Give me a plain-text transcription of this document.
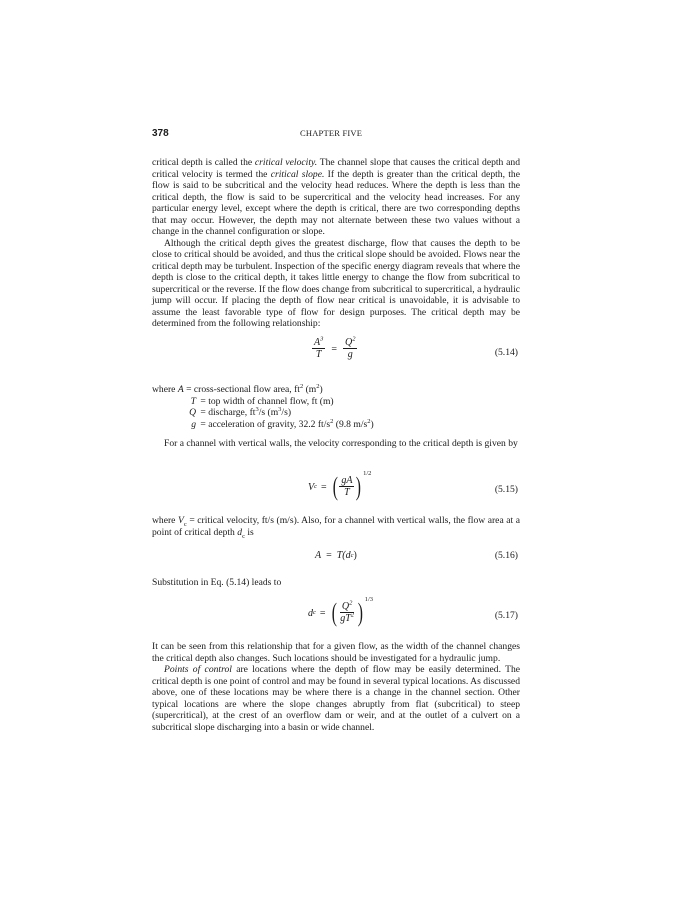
378	CHAPTER FIVE

critical depth is called the critical velocity. The channel slope that causes the critical depth and critical velocity is termed the critical slope. If the depth is greater than the critical depth, the flow is said to be subcritical and the velocity head reduces. Where the depth is less than the critical depth, the flow is said to be supercritical and the velocity head increases. For any particular energy level, except where the depth is critical, there are two corresponding depths that may occur. However, the depth may not alternate between these two values without a change in the channel configuration or slope.

Although the critical depth gives the greatest discharge, flow that causes the depth to be close to critical should be avoided, and thus the critical slope should be avoided. Flows near the critical depth may be turbulent. Inspection of the specific energy diagram reveals that where the depth is close to the critical depth, it takes little energy to change the flow from subcritical to supercritical or the reverse. If the flow does change from subcritical to supercritical, a hydraulic jump will occur. If placing the depth of flow near critical is unavoidable, it is advisable to assume the least favorable type of flow for design purposes. The critical depth may be determined from the following relationship:

$\frac{A^3}{T} = \frac{Q^2}{g}$	(5.14)
where A = cross-sectional flow area, $ft^2$ $(m^2)$
T = top width of channel flow, ft (m)
Q = discharge, $ft^3/s$ $(m^3/s)$
g = acceleration of gravity, 32.2 $ft/s^2$ (9.8 $m/s^2$)
For a channel with vertical walls, the velocity corresponding to the critical depth is given by
V c = ( $\frac{gA}{T}$ ) 1/2
(5.15)
where $V_c$ = critical velocity, ft/s (m/s). Also, for a channel with vertical walls, the flow area at a point of critical depth $d_c$ is
A = T(d c )	(5.16)
Substitution in Eq. (5.14) leads to
d c = ( $\frac{Q^2}{gT^2}$ ) 1/3
(5.17)

It can be seen from this relationship that for a given flow, as the width of the channel changes the critical depth also changes. Such locations should be investigated for a hydraulic jump.

Points of control are locations where the depth of flow may be easily determined. The critical depth is one point of control and may be found in several typical locations. As discussed above, one of these locations may be where there is a change in the channel section. Other typical locations are where the slope changes abruptly from flat (subcritical) to steep (supercritical), at the crest of an overflow dam or weir, and at the outlet of a culvert on a subcritical slope discharging into a basin or wide channel.
